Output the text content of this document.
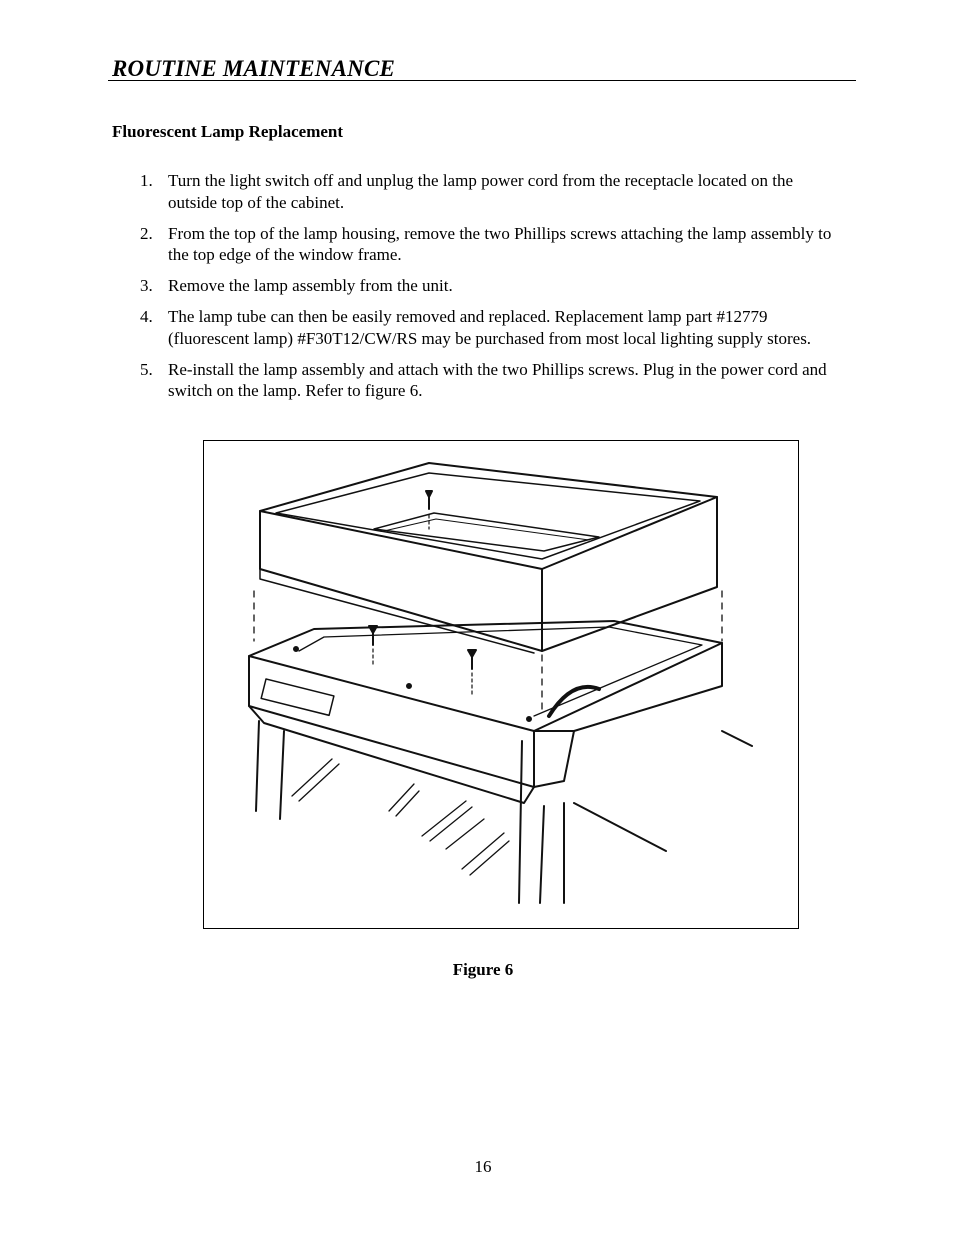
ROUTINE MAINTENANCE
Fluorescent Lamp Replacement
1. Turn the light switch off and unplug the lamp power cord from the receptacle located on the outside top of the cabinet.
2. From the top of the lamp housing, remove the two Phillips screws attaching the lamp assembly to the top edge of the window frame.
3. Remove the lamp assembly from the unit.
4. The lamp tube can then be easily removed and replaced. Replacement lamp part #12779 (fluorescent lamp) #F30T12/CW/RS may be purchased from most local lighting supply stores.
5. Re-install the lamp assembly and attach with the two Phillips screws. Plug in the power cord and switch on the lamp. Refer to figure 6.
Figure 6
16
